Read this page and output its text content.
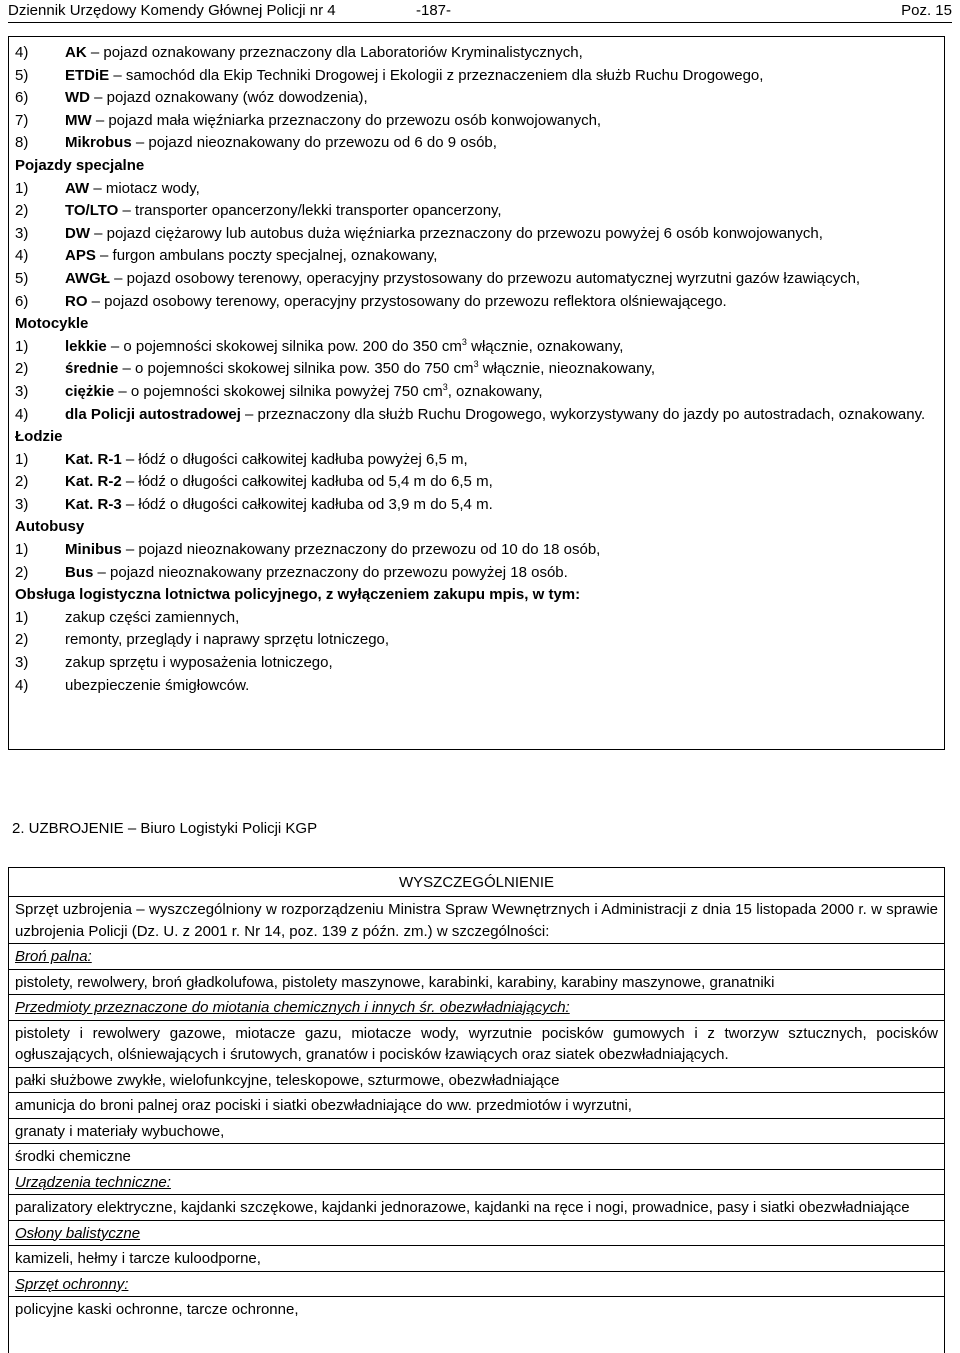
Dziennik Urzędowy Komendy Głównej Policji nr 4	-187-	Poz. 15
4) AK – pojazd oznakowany przeznaczony dla Laboratoriów Kryminalistycznych,
5) ETDiE – samochód dla Ekip Techniki Drogowej i Ekologii z przeznaczeniem dla służb Ruchu Drogowego,
6) WD – pojazd oznakowany (wóz dowodzenia),
7) MW – pojazd mała więźniarka przeznaczony do przewozu osób konwojowanych,
8) Mikrobus – pojazd nieoznakowany do przewozu od 6 do 9 osób,
Pojazdy specjalne
1) AW – miotacz wody,
2) TO/LTO – transporter opancerzony/lekki transporter opancerzony,
3) DW – pojazd ciężarowy lub autobus duża więźniarka przeznaczony do przewozu powyżej 6 osób konwojowanych,
4) APS – furgon ambulans poczty specjalnej, oznakowany,
5) AWGŁ – pojazd osobowy terenowy, operacyjny przystosowany do przewozu automatycznej wyrzutni gazów łzawiących,
6) RO – pojazd osobowy terenowy, operacyjny przystosowany do przewozu reflektora olśniewającego.
Motocykle
1) lekkie – o pojemności skokowej silnika pow. 200 do 350 $cm^3$ włącznie, oznakowany,
2) średnie – o pojemności skokowej silnika pow. 350 do 750 $cm^3$ włącznie, nieoznakowany,
3) ciężkie – o pojemności skokowej silnika powyżej 750 $cm^3$, oznakowany,
4) dla Policji autostradowej – przeznaczony dla służb Ruchu Drogowego, wykorzystywany do jazdy po autostradach, oznakowany.
Łodzie
1) Kat. R-1 – łódź o długości całkowitej kadłuba powyżej 6,5 m,
2) Kat. R-2 – łódź o długości całkowitej kadłuba od 5,4 m do 6,5 m,
3) Kat. R-3 – łódź o długości całkowitej kadłuba od 3,9 m do 5,4 m.
Autobusy
1) Minibus – pojazd nieoznakowany przeznaczony do przewozu od 10 do 18 osób,
2) Bus – pojazd nieoznakowany przeznaczony do przewozu powyżej 18 osób.
Obsługa logistyczna lotnictwa policyjnego, z wyłączeniem zakupu mpis, w tym:
1) zakup części zamiennych,
2) remonty, przeglądy i naprawy sprzętu lotniczego,
3) zakup sprzętu i wyposażenia lotniczego,
4) ubezpieczenie śmigłowców.
2. UZBROJENIE – Biuro Logistyki Policji KGP
WYSZCZEGÓLNIENIE
Sprzęt uzbrojenia – wyszczególniony w rozporządzeniu Ministra Spraw Wewnętrznych i Administracji z dnia 15 listopada 2000 r. w sprawie uzbrojenia Policji (Dz. U. z 2001 r. Nr 14, poz. 139 z późn. zm.) w szczególności:
Broń palna:
pistolety, rewolwery, broń gładkolufowa, pistolety maszynowe, karabinki, karabiny, karabiny maszynowe, granatniki
Przedmioty przeznaczone do miotania chemicznych i innych śr. obezwładniających:
pistolety i rewolwery gazowe, miotacze gazu, miotacze wody, wyrzutnie pocisków gumowych i z tworzyw sztucznych, pocisków ogłuszających, olśniewających i śrutowych, granatów i pocisków łzawiących oraz siatek obezwładniających.
pałki służbowe zwykłe, wielofunkcyjne, teleskopowe, szturmowe, obezwładniające
amunicja do broni palnej oraz pociski i siatki obezwładniające do ww. przedmiotów i wyrzutni,
granaty i materiały wybuchowe,
środki chemiczne
Urządzenia techniczne:
paralizatory elektryczne, kajdanki szczękowe, kajdanki jednorazowe, kajdanki na ręce i nogi, prowadnice, pasy i siatki obezwładniające
Osłony balistyczne
kamizeli, hełmy i tarcze kuloodporne,
Sprzęt ochronny:
policyjne kaski ochronne, tarcze ochronne,
